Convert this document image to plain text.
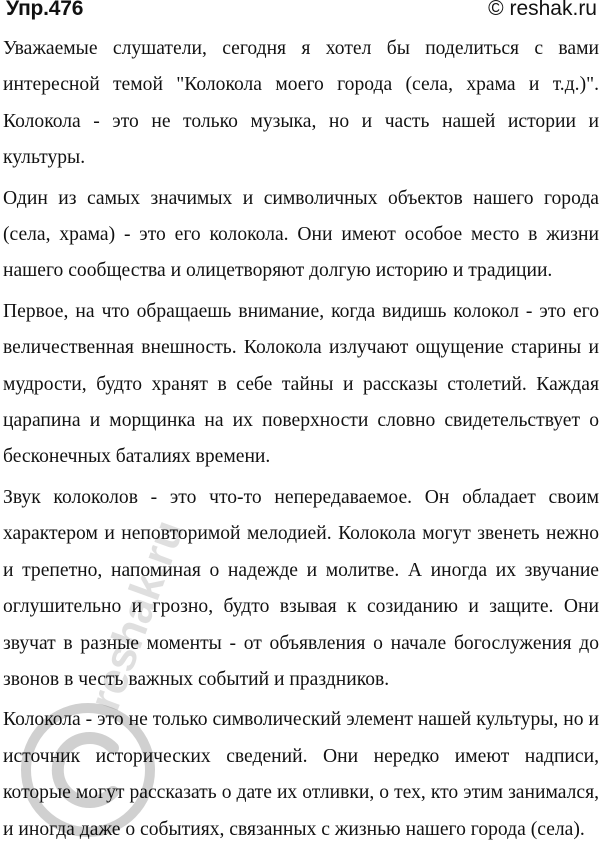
Упр.476	© reshak.ru

Уважаемые слушатели, сегодня я хотел бы поделиться с вами интересной темой "Колокола моего города (села, храма и т.д.)". Колокола - это не только музыка, но и часть нашей истории и культуры.

Один из самых значимых и символичных объектов нашего города (села, храма) - это его колокола. Они имеют особое место в жизни нашего сообщества и олицетворяют долгую историю и традиции.

Первое, на что обращаешь внимание, когда видишь колокол - это его величественная внешность. Колокола излучают ощущение старины и мудрости, будто хранят в себе тайны и рассказы столетий. Каждая царапина и морщинка на их поверхности словно свидетельствует о бесконечных баталиях времени.

Звук колоколов - это что-то непередаваемое. Он обладает своим характером и неповторимой мелодией. Колокола могут звенеть нежно и трепетно, напоминая о надежде и молитве. А иногда их звучание оглушительно и грозно, будто взывая к созиданию и защите. Они звучат в разные моменты - от объявления о начале богослужения до звонов в честь важных событий и праздников.

Колокола - это не только символический элемент нашей культуры, но и источник исторических сведений. Они нередко имеют надписи, которые могут рассказать о дате их отливки, о тех, кто этим занимался, и иногда даже о событиях, связанных с жизнью нашего города (села).

reshak.ru
